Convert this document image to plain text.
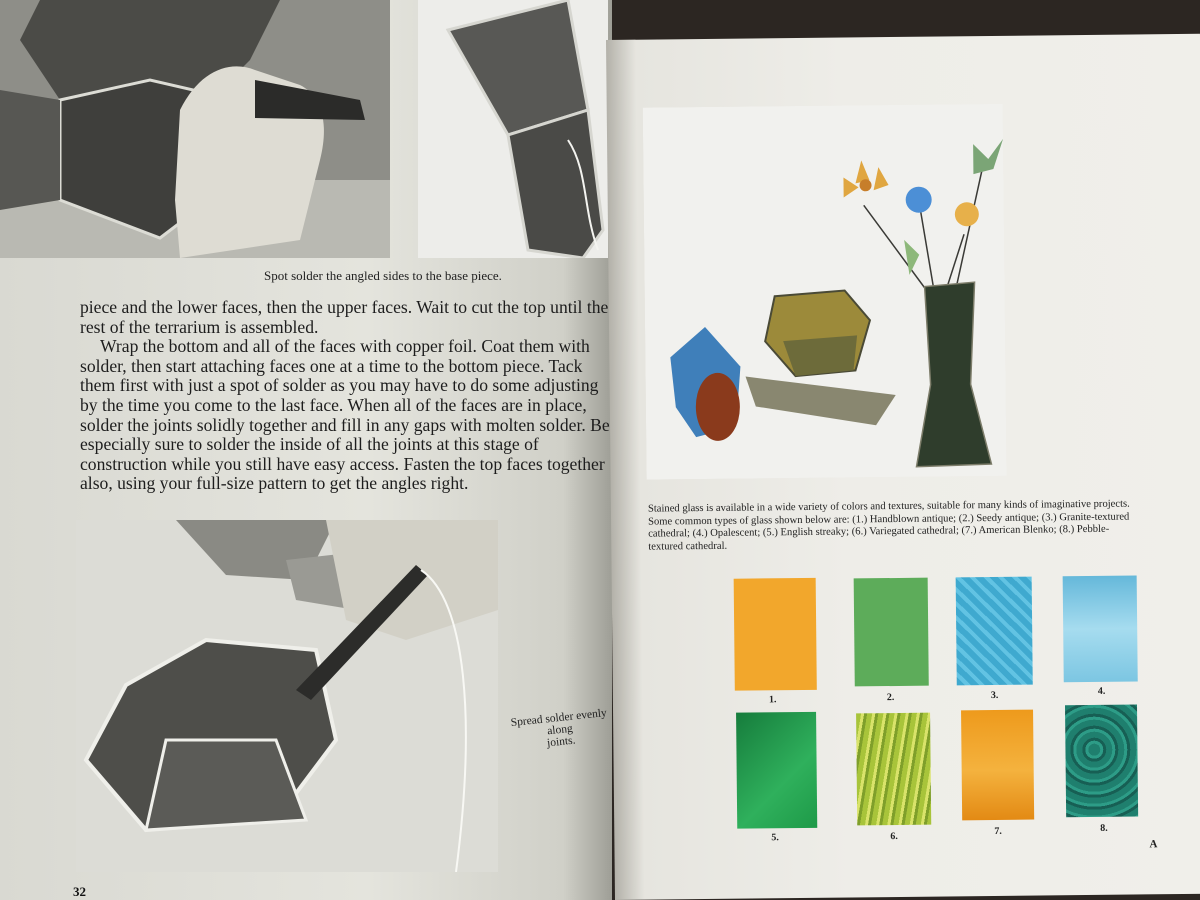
Spot solder the angled sides to the base piece.

piece and the lower faces, then the upper faces. Wait to cut the top until the rest of the terrarium is assembled.

Wrap the bottom and all of the faces with copper foil. Coat them with solder, then start attaching faces one at a time to the bottom piece. Tack them first with just a spot of solder as you may have to do some adjusting by the time you come to the last face. When all of the faces are in place, solder the joints solidly together and fill in any gaps with molten solder. Be especially sure to solder the inside of all the joints at this stage of construction while you still have easy access. Fasten the top faces together also, using your full-size pattern to get the angles right.

Spread solder evenly along
joints.
32
Stained glass is available in a wide variety of colors and textures, suitable for many kinds of imaginative projects. Some common types of glass shown below are: (1.) Handblown antique; (2.) Seedy antique; (3.) Granite-textured cathedral; (4.) Opalescent; (5.) English streaky; (6.) Variegated cathedral; (7.) American Blenko; (8.) Pebble-textured cathedral.
1.	2.	3.	4.
5.	6.	7.	8.
A
